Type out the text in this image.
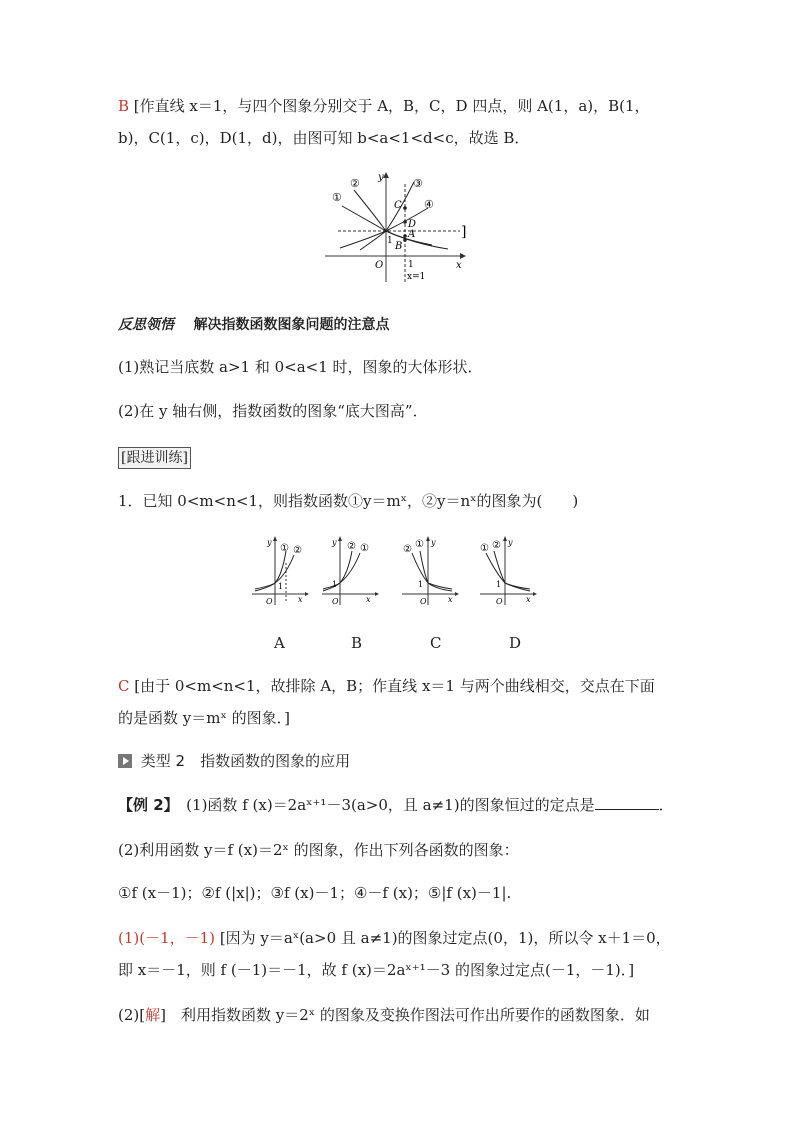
B [作直线 x＝1，与四个图象分别交于 A，B，C，D 四点，则 A(1，a)，B(1，
b)，C(1，c)，D(1，d)，由图可知 b<a<1<d<c，故选 B．
①
②	③
④
C
D
A
B
y
x
O
1
1
x=1
]
反思领悟 解决指数函数图象问题的注意点
(1)熟记当底数 a>1 和 0<a<1 时，图象的大体形状．
(2)在 y 轴右侧，指数函数的图象“底大图高”．
[跟进训练]
1．已知 0<m<n<1，则指数函数①y＝mˣ，②y＝nˣ的图象为(　　)
① ②
y
1
O	x
② ①
y
1
O	x
② ① y
1
O	x
① ② y
1
O	x
A	B	C	D
C [由于 0<m<n<1，故排除 A，B；作直线 x＝1 与两个曲线相交，交点在下面
的是函数 y＝mˣ 的图象．]
类型 2　指数函数的图象的应用
【例 2】　(1)函数 f (x)＝2aˣ⁺¹－3(a>0，且 a≠1)的图象恒过的定点是	．
(2)利用函数 y＝f (x)＝2ˣ 的图象，作出下列各函数的图象：
①f (x－1)；②f (|x|)；③f (x)－1；④－f (x)；⑤|f (x)－1|.
(1)(－1，－1) [因为 y＝aˣ(a>0 且 a≠1)的图象过定点(0，1)，所以令 x＋1＝0，
即 x＝－1，则 f (－1)＝－1，故 f (x)＝2aˣ⁺¹－3 的图象过定点(－1，－1)．]
(2)[解]　利用指数函数 y＝2ˣ 的图象及变换作图法可作出所要作的函数图象．如
